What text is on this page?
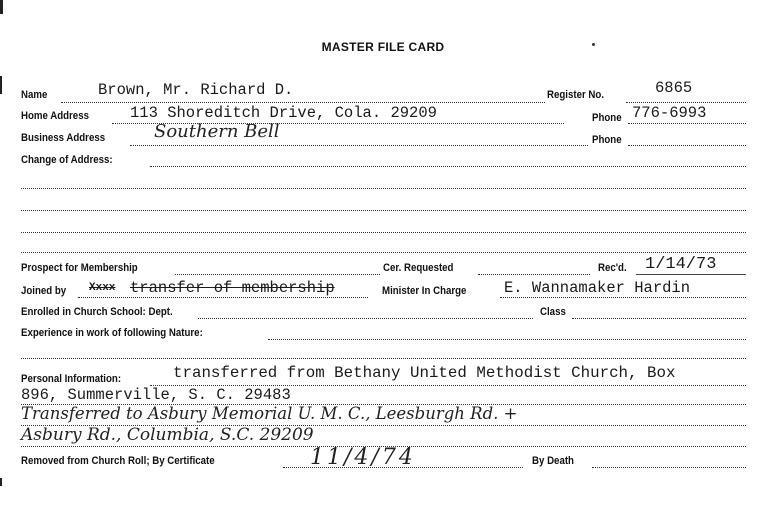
MASTER FILE CARD
Name	Brown, Mr. Richard D.	Register No.	6865
Home Address	113 Shoreditch Drive, Cola. 29209	Phone 776-6993
Business Address	Southern Bell	Phone
Change of Address:
Prospect for Membership	Cer. Requested	Rec'd. 1/14/73
Joined by	Xxxx transfer of membership	Minister In Charge	E. Wannamaker Hardin
Enrolled in Church School: Dept.	Class
Experience in work of following Nature:
Personal Information:	transferred from Bethany United Methodist Church, Box
896, Summerville, S. C. 29483
Transferred to Asbury Memorial U. M. C., Leesburgh Rd. +
Asbury Rd., Columbia, S.C. 29209
Removed from Church Roll; By Certificate	11/4/74	By Death
